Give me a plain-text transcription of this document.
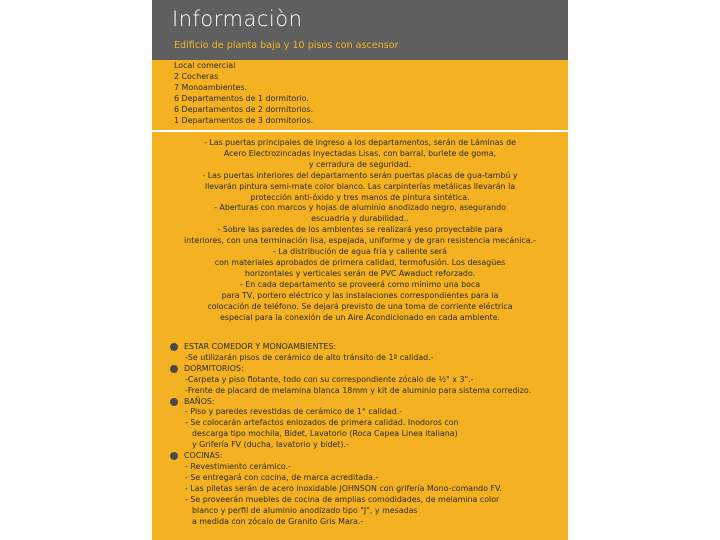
Informaciòn
Edificio de planta baja y 10 pisos con ascensor
Local comercial
2 Cocheras
7 Monoambientes.
6 Departamentos de 1 dormitorio.
6 Departamentos de 2 dormitorios.
1 Departamentos de 3 dormitorios.
- Las puertas principales de ingreso a los departamentos, serán de Láminas de
Acero Electrozincadas Inyectadas Lisas, con barral, burlete de goma,
y cerradura de seguridad.
- Las puertas interiores del departamento serán puertas placas de gua-tambú y
llevarán pintura semi-mate color blanco. Las carpinterías metálicas llevarán la
protección anti-óxido y tres manos de pintura sintética.
- Aberturas con marcos y hojas de aluminio anodizado negro, asegurando
escuadria y durabilidad..
- Sobre las paredes de los ambientes se realizará yeso proyectable para
interiores, con una terminación lisa, espejada, uniforme y de gran resistencia mecánica.-
- La distribución de agua fría y caliente será
con materiales aprobados de primera calidad, termofusión. Los desagües
horizontales y verticales serán de PVC Awaduct reforzado.
- En cada departamento se proveerá como mínimo una boca
para TV, portero eléctrico y las instalaciones correspondientes para la
colocación de teléfono. Se dejará previsto de una toma de corriente eléctrica
especial para la conexión de un Aire Acondicionado en cada ambiente.
ESTAR COMEDOR Y MONOAMBIENTES:
-Se utilizarán pisos de cerámico de alto tránsito de 1ª calidad.-
DORMITORIOS:
-Carpeta y piso flotante, todo con su correspondiente zócalo de ½" x 3".-
-Frente de placard de melamina blanca 18mm y kit de aluminio para sistema corredizo.
BAÑOS:
- Piso y paredes revestidas de cerámico de 1° calidad.-
- Se colocarán artefactos enlozados de primera calidad. Inodoros con
descarga tipo mochila, Bidet, Lavatorio (Roca Capea Linea italiana)
y Grifería FV (ducha, lavatorio y bidet).-
COCINAS:
- Revestimiento cerámico.-
- Se entregará con cocina, de marca acreditada.-
- Las piletas serán de acero inoxidable JOHNSON con grifería Mono-comando FV.
- Se proveerán muebles de cocina de amplias comodidades, de melamina color
blanco y perfil de aluminio anodizado tipo "J", y mesadas
a medida con zócalo de Granito Gris Mara.-
